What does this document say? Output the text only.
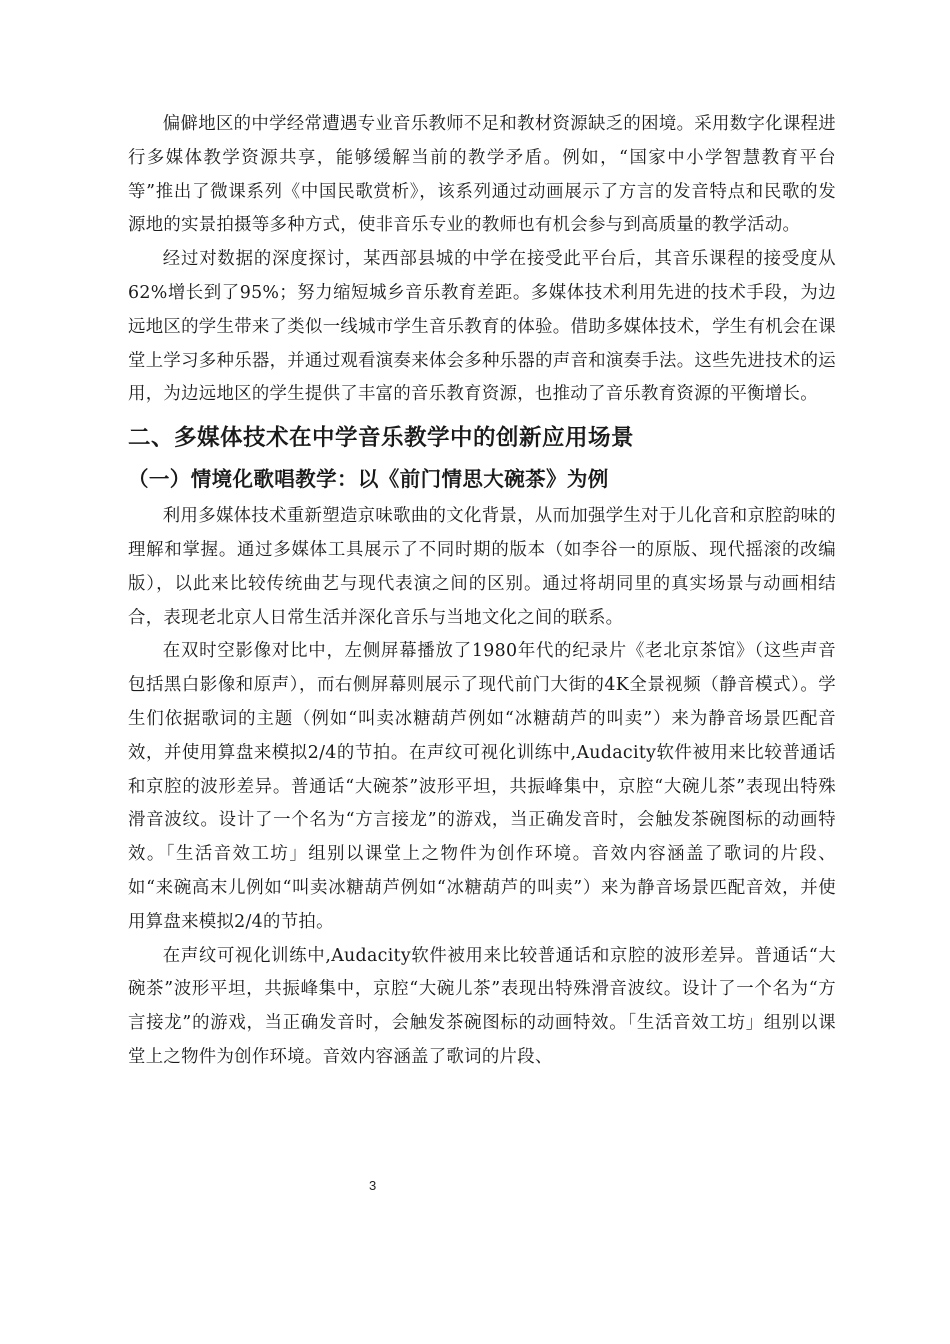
偏僻地区的中学经常遭遇专业音乐教师不足和教材资源缺乏的困境。采用数字化课程进行多媒体教学资源共享，能够缓解当前的教学矛盾。例如，“国家中小学智慧教育平台等”推出了微课系列《中国民歌赏析》，该系列通过动画展示了方言的发音特点和民歌的发源地的实景拍摄等多种方式，使非音乐专业的教师也有机会参与到高质量的教学活动。

经过对数据的深度探讨，某西部县城的中学在接受此平台后，其音乐课程的接受度从62%增长到了95%；努力缩短城乡音乐教育差距。多媒体技术利用先进的技术手段，为边远地区的学生带来了类似一线城市学生音乐教育的体验。借助多媒体技术，学生有机会在课堂上学习多种乐器，并通过观看演奏来体会多种乐器的声音和演奏手法。这些先进技术的运用，为边远地区的学生提供了丰富的音乐教育资源，也推动了音乐教育资源的平衡增长。

二、多媒体技术在中学音乐教学中的创新应用场景
（一）情境化歌唱教学：以《前门情思大碗茶》为例

利用多媒体技术重新塑造京味歌曲的文化背景，从而加强学生对于儿化音和京腔韵味的理解和掌握。通过多媒体工具展示了不同时期的版本（如李谷一的原版、现代摇滚的改编版），以此来比较传统曲艺与现代表演之间的区别。通过将胡同里的真实场景与动画相结合，表现老北京人日常生活并深化音乐与当地文化之间的联系。

在双时空影像对比中，左侧屏幕播放了1980年代的纪录片《老北京茶馆》（这些声音包括黑白影像和原声），而右侧屏幕则展示了现代前门大街的4K全景视频（静音模式）。学生们依据歌词的主题（例如“叫卖冰糖葫芦例如“冰糖葫芦的叫卖”）来为静音场景匹配音效，并使用算盘来模拟2/4的节拍。在声纹可视化训练中,Audacity软件被用来比较普通话和京腔的波形差异。普通话“大碗茶”波形平坦，共振峰集中，京腔“大碗儿茶”表现出特殊滑音波纹。设计了一个名为“方言接龙”的游戏，当正确发音时，会触发茶碗图标的动画特效。「生活音效工坊」组别以课堂上之物件为创作环境。音效内容涵盖了歌词的片段、如“来碗高末儿例如“叫卖冰糖葫芦例如“冰糖葫芦的叫卖”）来为静音场景匹配音效，并使用算盘来模拟2/4的节拍。

在声纹可视化训练中,Audacity软件被用来比较普通话和京腔的波形差异。普通话“大碗茶”波形平坦，共振峰集中，京腔“大碗儿茶”表现出特殊滑音波纹。设计了一个名为“方言接龙”的游戏，当正确发音时，会触发茶碗图标的动画特效。「生活音效工坊」组别以课堂上之物件为创作环境。音效内容涵盖了歌词的片段、

3
